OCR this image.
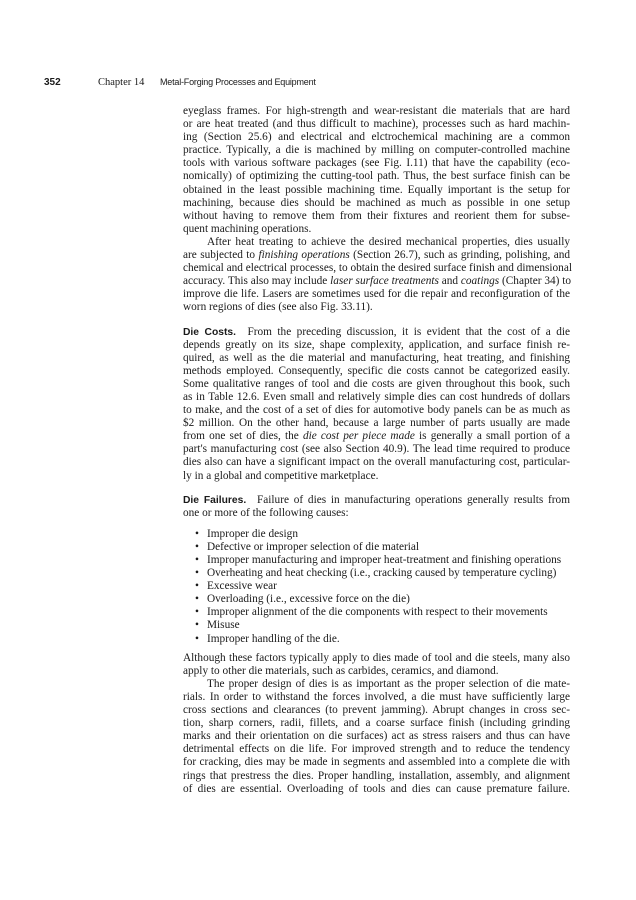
352	Chapter 14 Metal-Forging Processes and Equipment
eyeglass frames. For high-strength and wear-resistant die materials that are hard
or are heat treated (and thus difficult to machine), processes such as hard machin-
ing (Section 25.6) and electrical and elctrochemical machining are a common
practice. Typically, a die is machined by milling on computer-controlled machine
tools with various software packages (see Fig. I.11) that have the capability (eco-
nomically) of optimizing the cutting-tool path. Thus, the best surface finish can be
obtained in the least possible machining time. Equally important is the setup for
machining, because dies should be machined as much as possible in one setup
without having to remove them from their fixtures and reorient them for subse-
quent machining operations.
After heat treating to achieve the desired mechanical properties, dies usually
are subjected to finishing operations (Section 26.7), such as grinding, polishing, and
chemical and electrical processes, to obtain the desired surface finish and dimensional
accuracy. This also may include laser surface treatments and coatings (Chapter 34) to
improve die life. Lasers are sometimes used for die repair and reconfiguration of the
worn regions of dies (see also Fig. 33.11).
Die Costs. From the preceding discussion, it is evident that the cost of a die
depends greatly on its size, shape complexity, application, and surface finish re-
quired, as well as the die material and manufacturing, heat treating, and finishing
methods employed. Consequently, specific die costs cannot be categorized easily.
Some qualitative ranges of tool and die costs are given throughout this book, such
as in Table 12.6. Even small and relatively simple dies can cost hundreds of dollars
to make, and the cost of a set of dies for automotive body panels can be as much as
$2 million. On the other hand, because a large number of parts usually are made
from one set of dies, the die cost per piece made is generally a small portion of a
part's manufacturing cost (see also Section 40.9). The lead time required to produce
dies also can have a significant impact on the overall manufacturing cost, particular-
ly in a global and competitive marketplace.
Die Failures. Failure of dies in manufacturing operations generally results from
one or more of the following causes:
• Improper die design
• Defective or improper selection of die material
• Improper manufacturing and improper heat-treatment and finishing operations
• Overheating and heat checking (i.e., cracking caused by temperature cycling)
• Excessive wear
• Overloading (i.e., excessive force on the die)
• Improper alignment of the die components with respect to their movements
• Misuse
• Improper handling of the die.
Although these factors typically apply to dies made of tool and die steels, many also
apply to other die materials, such as carbides, ceramics, and diamond.
The proper design of dies is as important as the proper selection of die mate-
rials. In order to withstand the forces involved, a die must have sufficiently large
cross sections and clearances (to prevent jamming). Abrupt changes in cross sec-
tion, sharp corners, radii, fillets, and a coarse surface finish (including grinding
marks and their orientation on die surfaces) act as stress raisers and thus can have
detrimental effects on die life. For improved strength and to reduce the tendency
for cracking, dies may be made in segments and assembled into a complete die with
rings that prestress the dies. Proper handling, installation, assembly, and alignment
of dies are essential. Overloading of tools and dies can cause premature failure.
